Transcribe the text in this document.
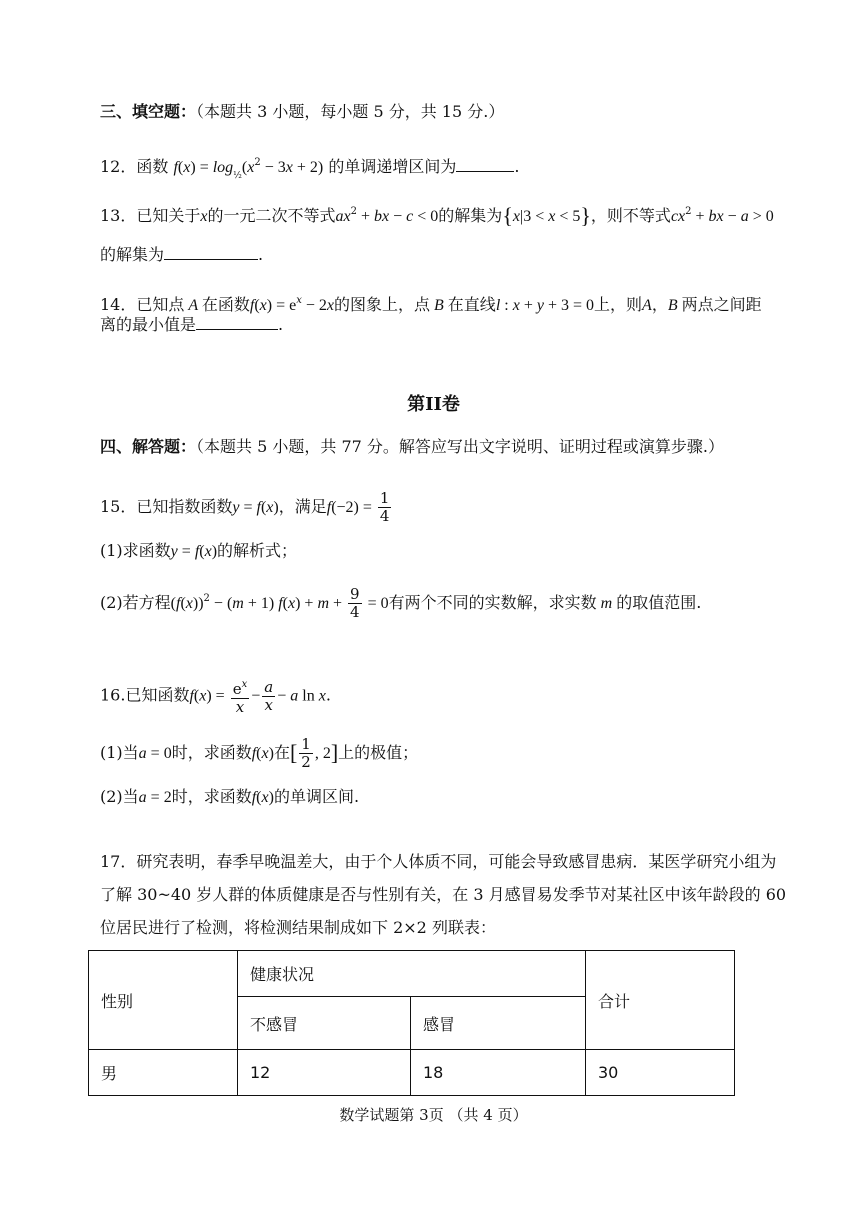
三、填空题：（本题共 3 小题，每小题 5 分，共 15 分.）
12．函数 $f(x) = \log_{\frac{1}{2}}(x^2 - 3x + 2)$ 的单调递增区间为	.
13．已知关于x的一元二次不等式$ax^2$ + bx − c < 0的解集为{x|3 < x < 5}，则不等式$cx^2$ + bx − a > 0
的解集为	.
14．已知点 A 在函数$f(x) = e^x - 2x$的图象上，点 B 在直线l : x + y + 3 = 0上，则A，B 两点之间距
离的最小值是	.
第II卷
四、解答题：（本题共 5 小题，共 77 分。解答应写出文字说明、证明过程或演算步骤.）
15．已知指数函数y = f(x)，满足$f(-2) = \frac{1}{4}$
(1)求函数y = f(x)的解析式；
(2)若方程$(f(x))^2 - (m + 1) f(x) + m + \frac{9}{4} = 0$有两个不同的实数解，求实数 m 的取值范围.
16.已知函数$f(x) = \frac{e^x}{x} - \frac{a}{x} - a$ ln x.
(1)当a = 0时，求函数f(x)在[ $\frac{1}{2}$ , 2]上的极值；
(2)当a = 2时，求函数f(x)的单调区间.
17．研究表明，春季早晚温差大，由于个人体质不同，可能会导致感冒患病．某医学研究小组为
了解 30~40 岁人群的体质健康是否与性别有关，在 3 月感冒易发季节对某社区中该年龄段的 60
位居民进行了检测，将检测结果制成如下 2×2 列联表：
性别	健康状况		合计
	不感冒	感冒	
男	12	18	30
数学试题第 3页 （共 4 页）
